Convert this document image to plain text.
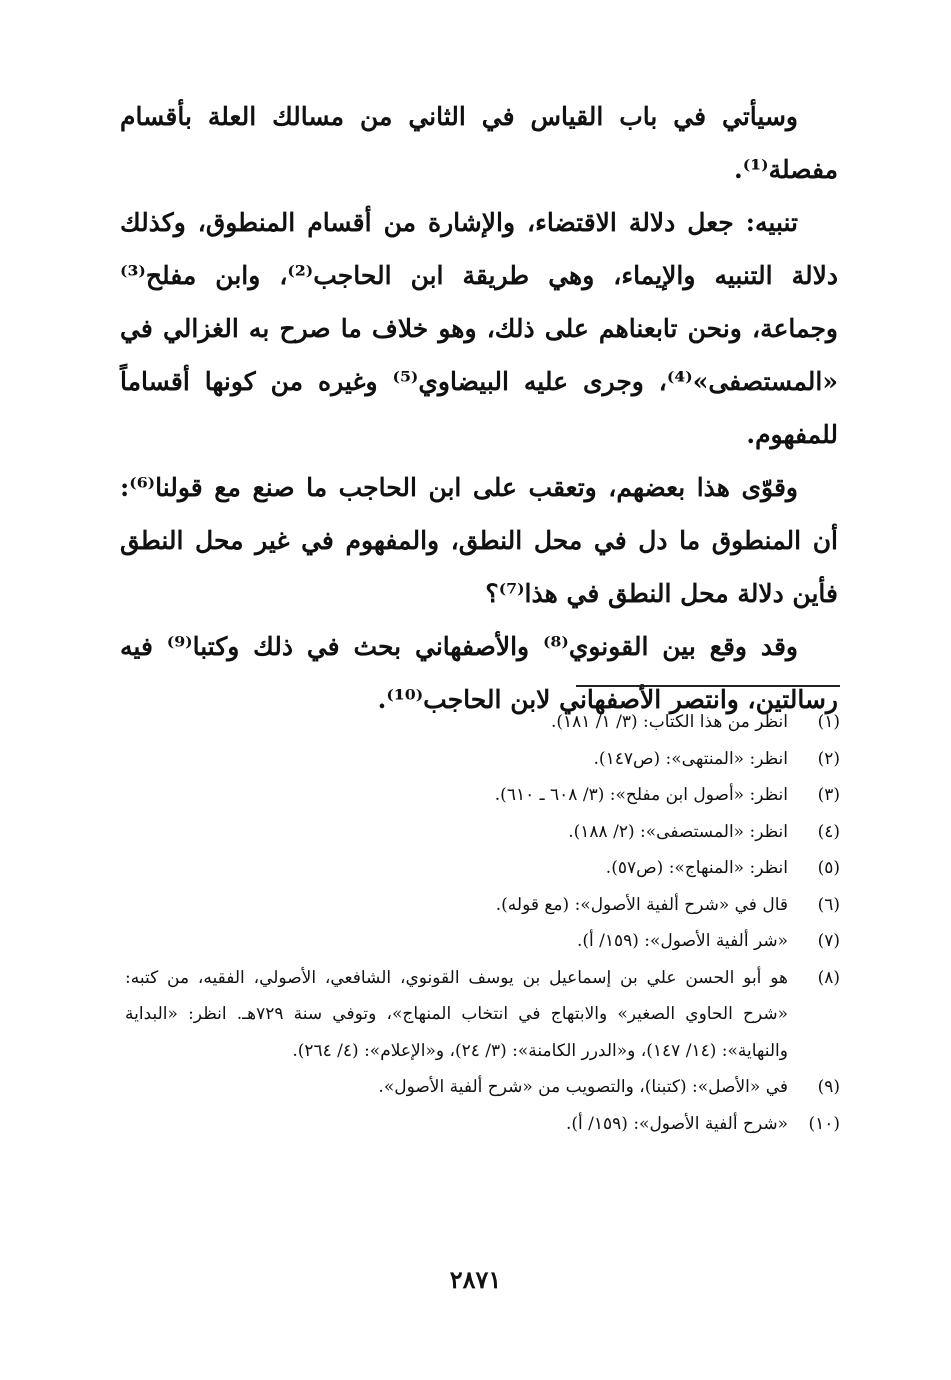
وسيأتي في باب القياس في الثاني من مسالك العلة بأقسام مفصلة⁽¹⁾.

تنبيه: جعل دلالة الاقتضاء، والإشارة من أقسام المنطوق، وكذلك دلالة التنبيه والإيماء، وهي طريقة ابن الحاجب⁽²⁾، وابن مفلح⁽³⁾ وجماعة، ونحن تابعناهم على ذلك، وهو خلاف ما صرح به الغزالي في «المستصفى»⁽⁴⁾، وجرى عليه البيضاوي⁽⁵⁾ وغيره من كونها أقساماً للمفهوم.

وقوّى هذا بعضهم، وتعقب على ابن الحاجب ما صنع مع قولنا⁽⁶⁾: أن المنطوق ما دل في محل النطق، والمفهوم في غير محل النطق فأين دلالة محل النطق في هذا⁽⁷⁾؟

وقد وقع بين القونوي⁽⁸⁾ والأصفهاني بحث في ذلك وكتبا⁽⁹⁾ فيه رسالتين، وانتصر الأصفهاني لابن الحاجب⁽¹⁰⁾.

(١)
انظر من هذا الكتاب: (٣/ ١/ ١٨١).
(٢)
انظر: «المنتهى»: (ص١٤٧).
(٣)
انظر: «أصول ابن مفلح»: (٣/ ٦٠٨ ـ ٦١٠).
(٤)
انظر: «المستصفى»: (٢/ ١٨٨).
(٥)
انظر: «المنهاج»: (ص٥٧).
(٦)
قال في «شرح ألفية الأصول»: (مع قوله).
(٧)
«شر ألفية الأصول»: (١٥٩/ أ).
(٨)
هو أبو الحسن علي بن إسماعيل بن يوسف القونوي، الشافعي، الأصولي، الفقيه، من كتبه: «شرح الحاوي الصغير» والابتهاج في انتخاب المنهاج»، وتوفي سنة ٧٢٩هـ. انظر: «البداية والنهاية»: (١٤/ ١٤٧)، و«الدرر الكامنة»: (٣/ ٢٤)، و«الإعلام»: (٤/ ٢٦٤).
(٩)
في «الأصل»: (كتبنا)، والتصويب من «شرح ألفية الأصول».
(١٠)
«شرح ألفية الأصول»: (١٥٩/ أ).
٢٨٧١
